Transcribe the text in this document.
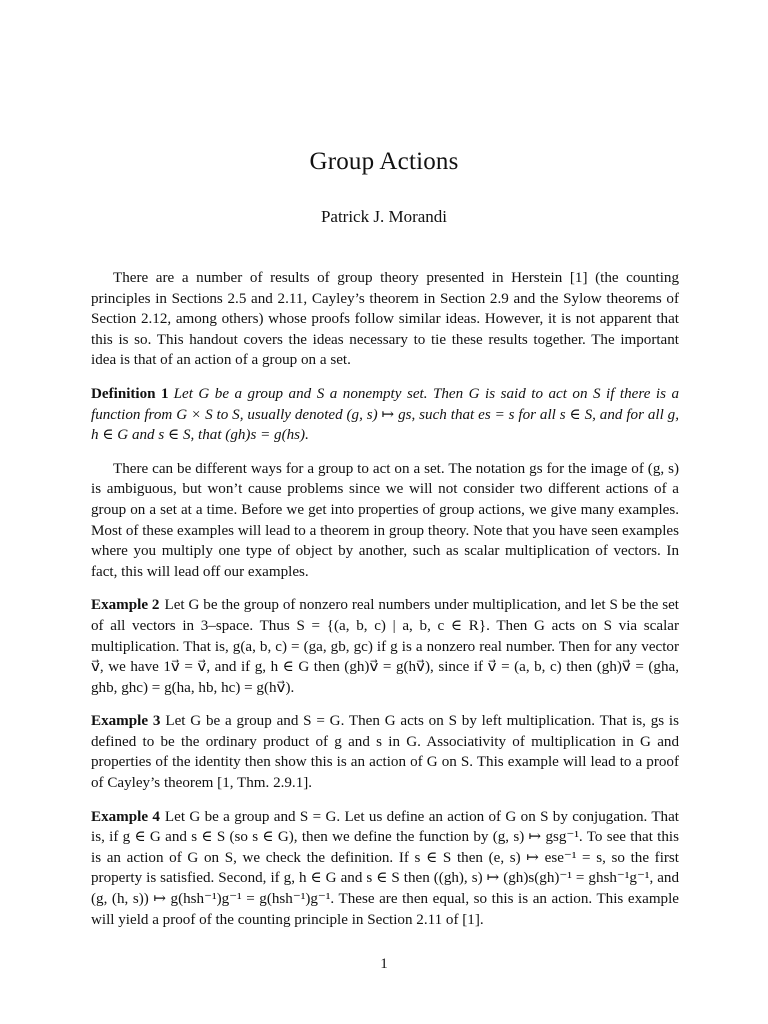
Group Actions
Patrick J. Morandi

There are a number of results of group theory presented in Herstein [1] (the counting principles in Sections 2.5 and 2.11, Cayley’s theorem in Section 2.9 and the Sylow theorems of Section 2.12, among others) whose proofs follow similar ideas. However, it is not apparent that this is so. This handout covers the ideas necessary to tie these results together. The important idea is that of an action of a group on a set.

Definition 1 Let G be a group and S a nonempty set. Then G is said to act on S if there is a function from G × S to S, usually denoted (g, s) ↦ gs, such that es = s for all s ∈ S, and for all g, h ∈ G and s ∈ S, that (gh)s = g(hs).

There can be different ways for a group to act on a set. The notation gs for the image of (g, s) is ambiguous, but won’t cause problems since we will not consider two different actions of a group on a set at a time. Before we get into properties of group actions, we give many examples. Most of these examples will lead to a theorem in group theory. Note that you have seen examples where you multiply one type of object by another, such as scalar multiplication of vectors. In fact, this will lead off our examples.

Example 2 Let G be the group of nonzero real numbers under multiplication, and let S be the set of all vectors in 3–space. Thus S = {(a, b, c) | a, b, c ∈ R}. Then G acts on S via scalar multiplication. That is, g(a, b, c) = (ga, gb, gc) if g is a nonzero real number. Then for any vector v⃗, we have 1v⃗ = v⃗, and if g, h ∈ G then (gh)v⃗ = g(hv⃗), since if v⃗ = (a, b, c) then (gh)v⃗ = (gha, ghb, ghc) = g(ha, hb, hc) = g(hv⃗).

Example 3 Let G be a group and S = G. Then G acts on S by left multiplication. That is, gs is defined to be the ordinary product of g and s in G. Associativity of multiplication in G and properties of the identity then show this is an action of G on S. This example will lead to a proof of Cayley’s theorem [1, Thm. 2.9.1].

Example 4 Let G be a group and S = G. Let us define an action of G on S by conjugation. That is, if g ∈ G and s ∈ S (so s ∈ G), then we define the function by (g, s) ↦ gsg⁻¹. To see that this is an action of G on S, we check the definition. If s ∈ S then (e, s) ↦ ese⁻¹ = s, so the first property is satisfied. Second, if g, h ∈ G and s ∈ S then ((gh), s) ↦ (gh)s(gh)⁻¹ = ghsh⁻¹g⁻¹, and (g, (h, s)) ↦ g(hsh⁻¹)g⁻¹ = g(hsh⁻¹)g⁻¹. These are then equal, so this is an action. This example will yield a proof of the counting principle in Section 2.11 of [1].

1
